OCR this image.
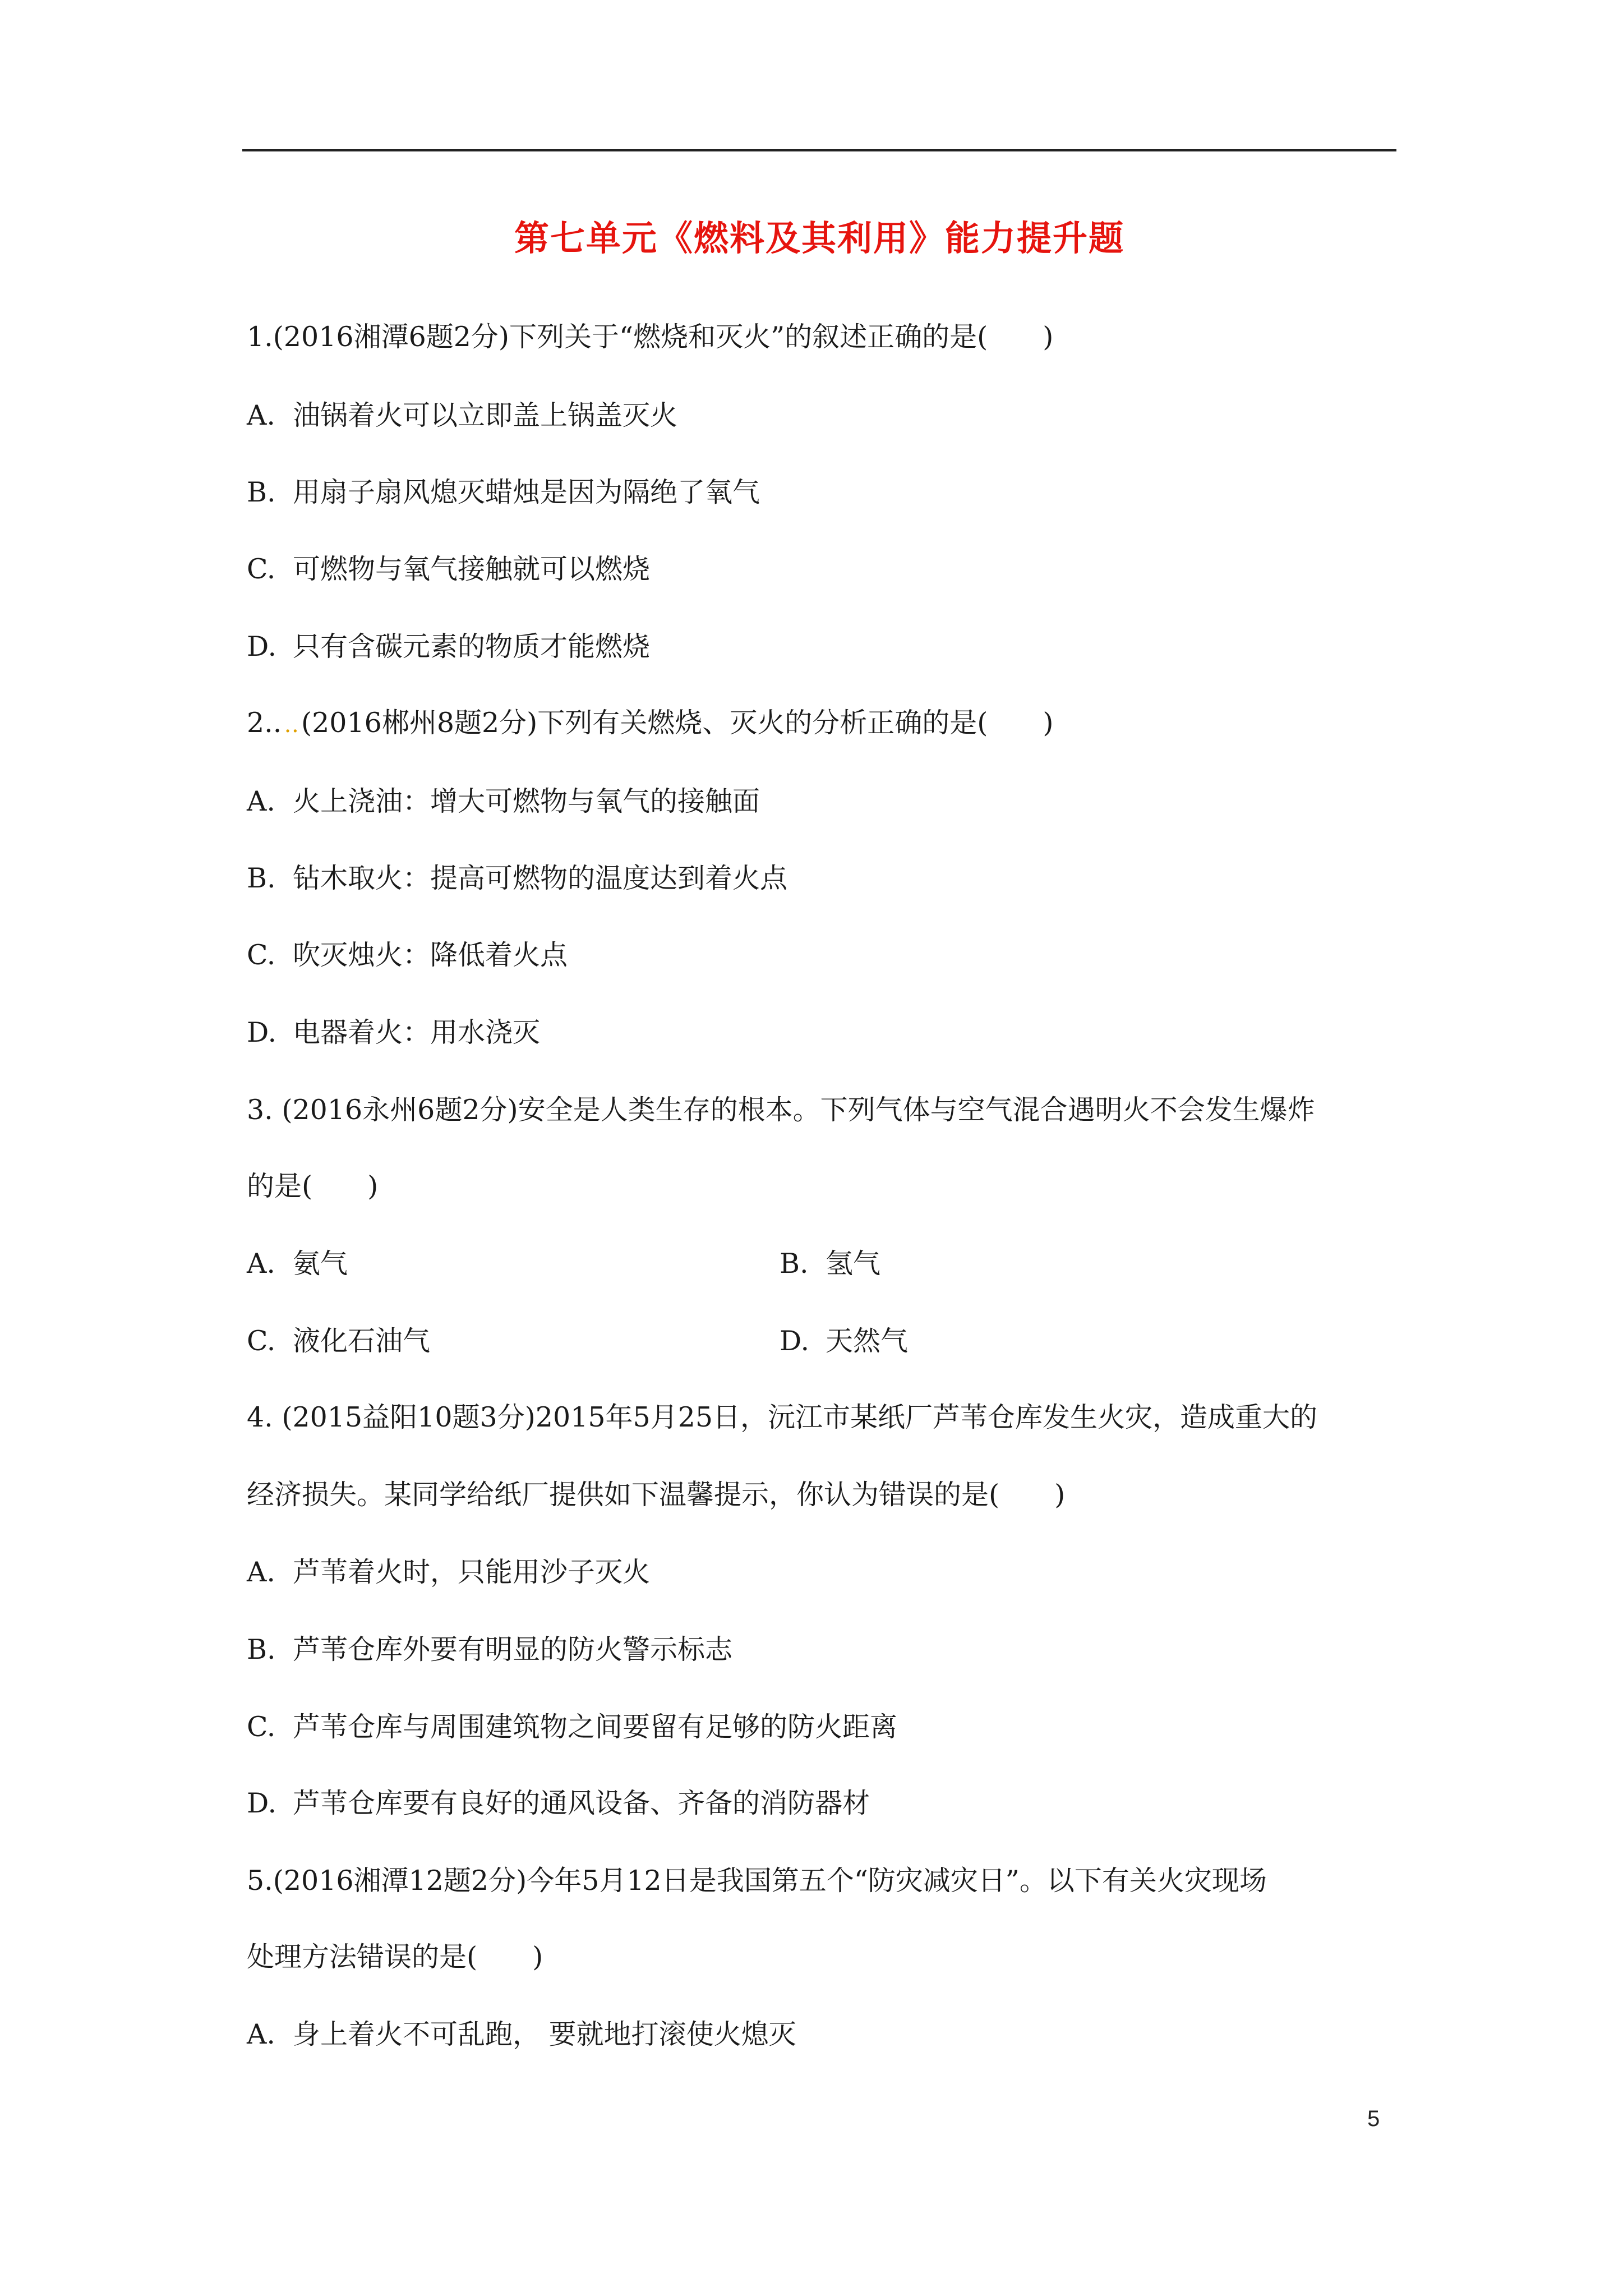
第七单元《燃料及其利用》能力提升题

1.(2016湘潭6题2分)下列关于“燃烧和灭火”的叙述正确的是(　　)

A. 油锅着火可以立即盖上锅盖灭火

B. 用扇子扇风熄灭蜡烛是因为隔绝了氧气

C. 可燃物与氧气接触就可以燃烧

D. 只有含碳元素的物质才能燃烧

2.. ‥(2016郴州8题2分)下列有关燃烧、灭火的分析正确的是(　　)

A. 火上浇油：增大可燃物与氧气的接触面

B. 钻木取火：提高可燃物的温度达到着火点

C. 吹灭烛火：降低着火点

D. 电器着火：用水浇灭

3. (2016永州6题2分)安全是人类生存的根本。下列气体与空气混合遇明火不会发生爆炸

的是(　　)

A. 氨气	B. 氢气

C. 液化石油气	D. 天然气

4. (2015益阳10题3分)2015年5月25日，沅江市某纸厂芦苇仓库发生火灾，造成重大的

经济损失。某同学给纸厂提供如下温馨提示，你认为错误的是(　　)

A. 芦苇着火时，只能用沙子灭火

B. 芦苇仓库外要有明显的防火警示标志

C. 芦苇仓库与周围建筑物之间要留有足够的防火距离

D. 芦苇仓库要有良好的通风设备、齐备的消防器材

5.(2016湘潭12题2分)今年5月12日是我国第五个“防灾减灾日”。以下有关火灾现场

处理方法错误的是(　　)

A. 身上着火不可乱跑， 要就地打滚使火熄灭

5
